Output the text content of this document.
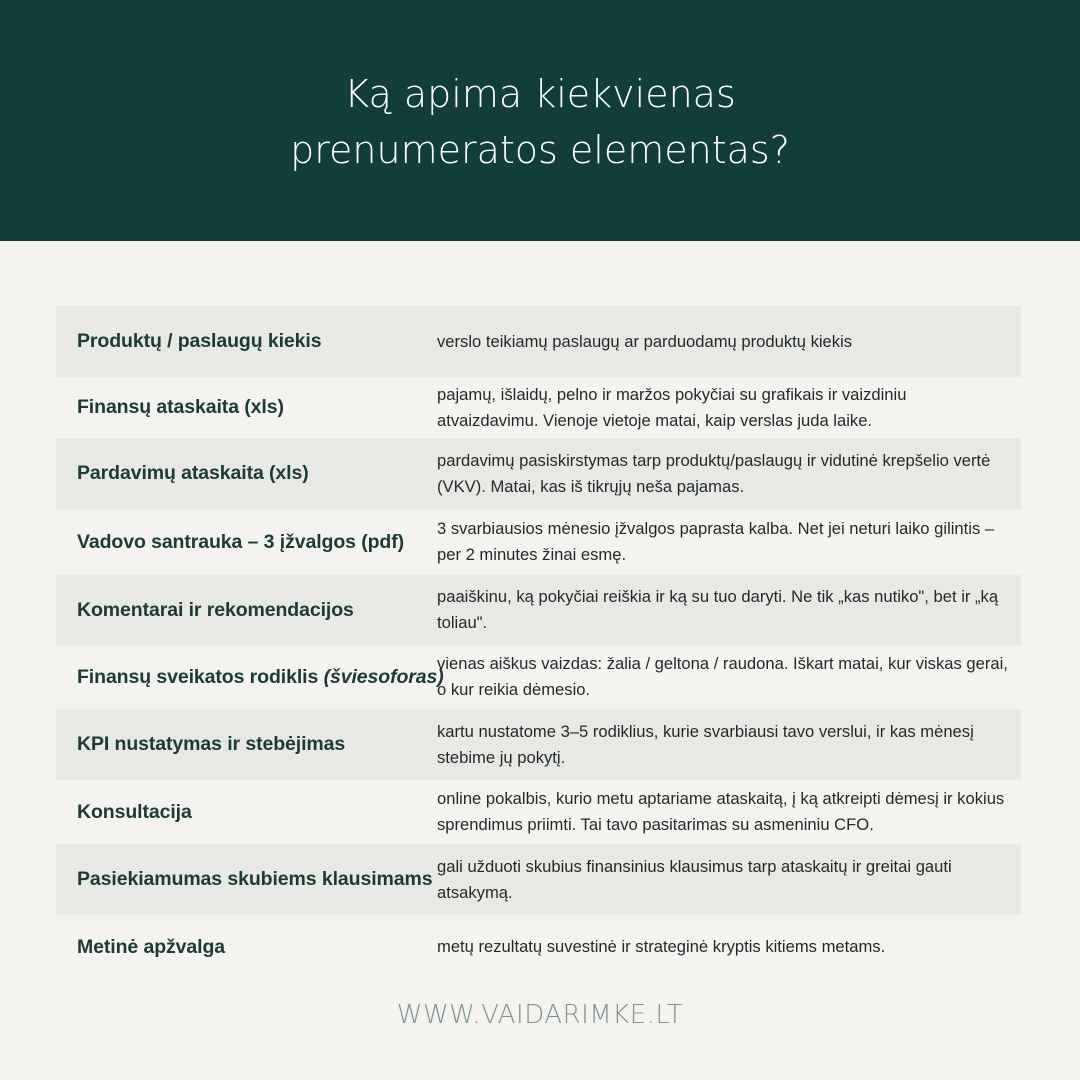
Ką apima kiekvienas
prenumeratos elementas?
Produktų / paslaugų kiekis	verslo teikiamų paslaugų ar parduodamų produktų kiekis
Finansų ataskaita (xls)
pajamų, išlaidų, pelno ir maržos pokyčiai su grafikais ir vaizdiniu atvaizdavimu. Vienoje vietoje matai, kaip verslas juda laike.
Pardavimų ataskaita (xls)
pardavimų pasiskirstymas tarp produktų/paslaugų ir vidutinė krepšelio vertė (VKV). Matai, kas iš tikrųjų neša pajamas.
Vadovo santrauka – 3 įžvalgos (pdf)
3 svarbiausios mėnesio įžvalgos paprasta kalba. Net jei neturi laiko gilintis – per 2 minutes žinai esmę.
Komentarai ir rekomendacijos
paaiškinu, ką pokyčiai reiškia ir ką su tuo daryti. Ne tik „kas nutiko", bet ir „ką toliau".
Finansų sveikatos rodiklis (šviesoforas)
vienas aiškus vaizdas: žalia / geltona / raudona. Iškart matai, kur viskas gerai, o kur reikia dėmesio.
KPI nustatymas ir stebėjimas
kartu nustatome 3–5 rodiklius, kurie svarbiausi tavo verslui, ir kas mėnesį stebime jų pokytį.
Konsultacija
online pokalbis, kurio metu aptariame ataskaitą, į ką atkreipti dėmesį ir kokius sprendimus priimti. Tai tavo pasitarimas su asmeniniu CFO.
Pasiekiamumas skubiems klausimams
gali užduoti skubius finansinius klausimus tarp ataskaitų ir greitai gauti atsakymą.
Metinė apžvalga	metų rezultatų suvestinė ir strateginė kryptis kitiems metams.
WWW.VAIDARIMKE.LT
